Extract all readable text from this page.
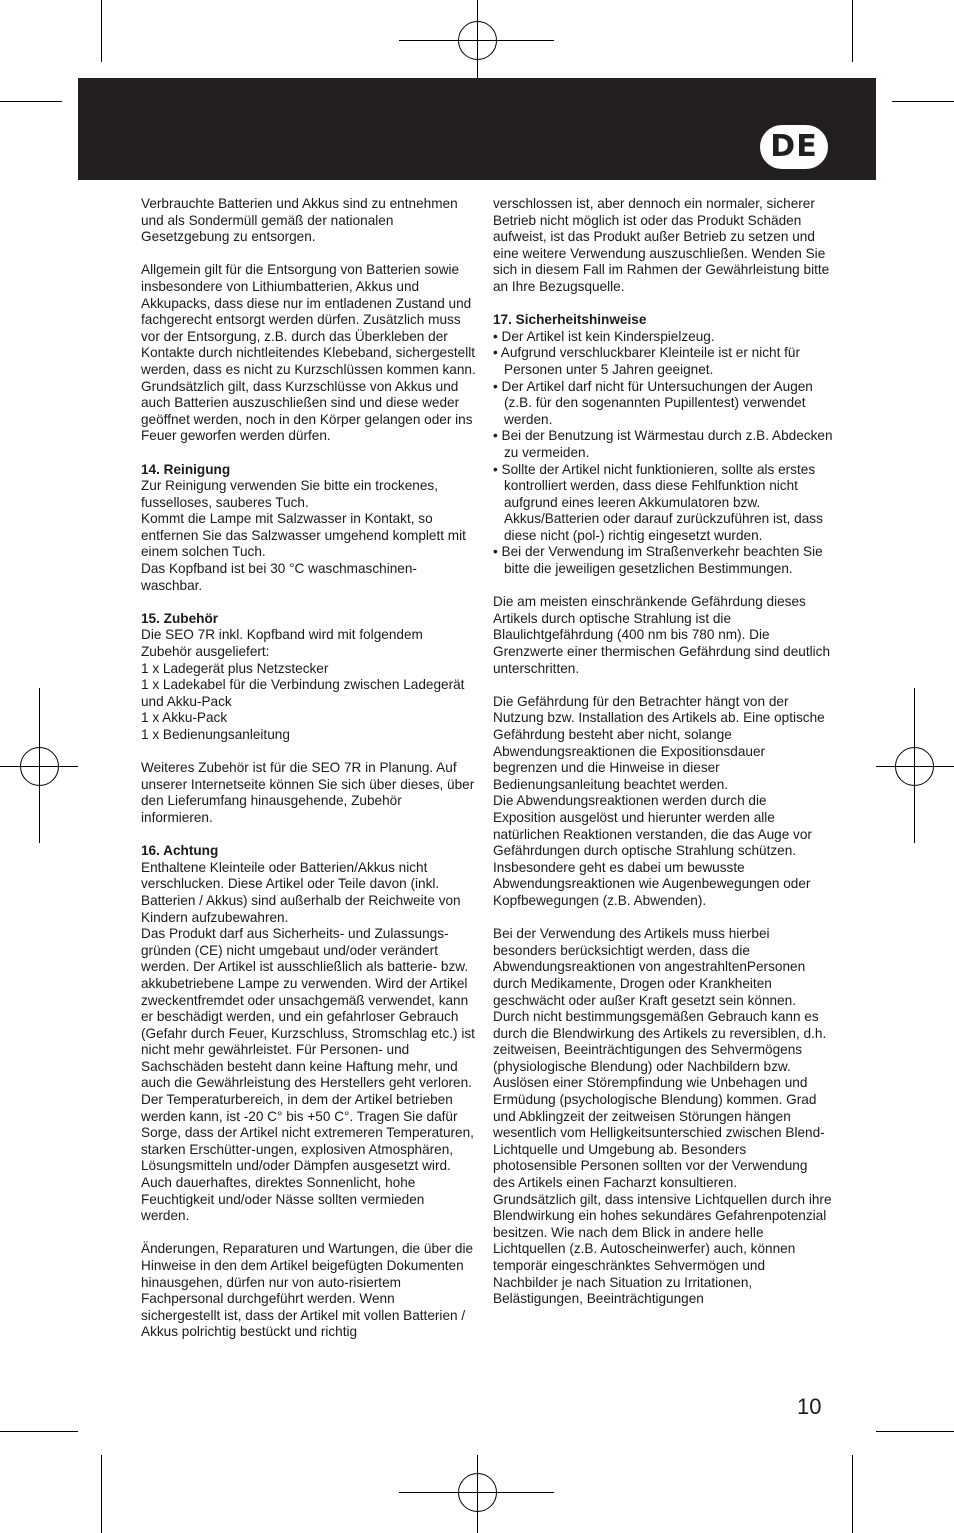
DE

Verbrauchte Batterien und Akkus sind zu entnehmen und als Sondermüll gemäß der nationalen Gesetzgebung zu entsorgen.

Allgemein gilt für die Entsorgung von Batterien sowie insbesondere von Lithiumbatterien, Akkus und Akkupacks, dass diese nur im entladenen Zustand und fachgerecht entsorgt werden dürfen. Zusätzlich muss vor der Entsorgung, z.B. durch das Überkleben der Kontakte durch nichtleitendes Klebeband, sichergestellt werden, dass es nicht zu Kurzschlüssen kommen kann.

Grundsätzlich gilt, dass Kurzschlüsse von Akkus und auch Batterien auszuschließen sind und diese weder geöffnet werden, noch in den Körper gelangen oder ins Feuer geworfen werden dürfen.

14. Reinigung

Zur Reinigung verwenden Sie bitte ein trockenes, fusselloses, sauberes Tuch.

Kommt die Lampe mit Salzwasser in Kontakt, so entfernen Sie das Salzwasser umgehend komplett mit einem solchen Tuch.

Das Kopfband ist bei 30 °C waschmaschinen-waschbar.

15. Zubehör

Die SEO 7R inkl. Kopfband wird mit folgendem Zubehör ausgeliefert:

1 x Ladegerät plus Netzstecker

1 x Ladekabel für die Verbindung zwischen Ladegerät und Akku-Pack

1 x Akku-Pack

1 x Bedienungsanleitung

Weiteres Zubehör ist für die SEO 7R in Planung. Auf unserer Internetseite können Sie sich über dieses, über den Lieferumfang hinausgehende, Zubehör informieren.

16. Achtung

Enthaltene Kleinteile oder Batterien/Akkus nicht verschlucken. Diese Artikel oder Teile davon (inkl. Batterien / Akkus) sind außerhalb der Reichweite von Kindern aufzubewahren.

Das Produkt darf aus Sicherheits- und Zulassungs-gründen (CE) nicht umgebaut und/oder verändert werden. Der Artikel ist ausschließlich als batterie- bzw. akkubetriebene Lampe zu verwenden. Wird der Artikel zweckentfremdet oder unsachgemäß verwendet, kann er beschädigt werden, und ein gefahrloser Gebrauch (Gefahr durch Feuer, Kurzschluss, Stromschlag etc.) ist nicht mehr gewährleistet. Für Personen- und Sachschäden besteht dann keine Haftung mehr, und auch die Gewährleistung des Herstellers geht verloren.

Der Temperaturbereich, in dem der Artikel betrieben werden kann, ist -20 C° bis +50 C°. Tragen Sie dafür Sorge, dass der Artikel nicht extremeren Temperaturen, starken Erschütter-ungen, explosiven Atmosphären, Lösungsmitteln und/oder Dämpfen ausgesetzt wird.

Auch dauerhaftes, direktes Sonnenlicht, hohe Feuchtigkeit und/oder Nässe sollten vermieden werden.

Änderungen, Reparaturen und Wartungen, die über die Hinweise in den dem Artikel beigefügten Dokumenten hinausgehen, dürfen nur von auto-risiertem Fachpersonal durchgeführt werden. Wenn sichergestellt ist, dass der Artikel mit vollen Batterien / Akkus polrichtig bestückt und richtig

verschlossen ist, aber dennoch ein normaler, sicherer Betrieb nicht möglich ist oder das Produkt Schäden aufweist, ist das Produkt außer Betrieb zu setzen und eine weitere Verwendung auszuschließen. Wenden Sie sich in diesem Fall im Rahmen der Gewährleistung bitte an Ihre Bezugsquelle.

17. Sicherheitshinweise
• Der Artikel ist kein Kinderspielzeug.
• Aufgrund verschluckbarer Kleinteile ist er nicht für Personen unter 5 Jahren geeignet.
• Der Artikel darf nicht für Untersuchungen der Augen (z.B. für den sogenannten Pupillentest) verwendet werden.
• Bei der Benutzung ist Wärmestau durch z.B. Abdecken zu vermeiden.
• Sollte der Artikel nicht funktionieren, sollte als erstes kontrolliert werden, dass diese Fehlfunktion nicht aufgrund eines leeren Akkumulatoren bzw. Akkus/Batterien oder darauf zurückzuführen ist, dass diese nicht (pol-) richtig eingesetzt wurden.
• Bei der Verwendung im Straßenverkehr beachten Sie bitte die jeweiligen gesetzlichen Bestimmungen.

Die am meisten einschränkende Gefährdung dieses Artikels durch optische Strahlung ist die Blaulichtgefährdung (400 nm bis 780 nm). Die Grenzwerte einer thermischen Gefährdung sind deutlich unterschritten.

Die Gefährdung für den Betrachter hängt von der Nutzung bzw. Installation des Artikels ab. Eine optische Gefährdung besteht aber nicht, solange Abwendungsreaktionen die Expositionsdauer begrenzen und die Hinweise in dieser Bedienungsanleitung beachtet werden.

Die Abwendungsreaktionen werden durch die Exposition ausgelöst und hierunter werden alle natürlichen Reaktionen verstanden, die das Auge vor Gefährdungen durch optische Strahlung schützen. Insbesondere geht es dabei um bewusste Abwendungsreaktionen wie Augenbewegungen oder Kopfbewegungen (z.B. Abwenden).

Bei der Verwendung des Artikels muss hierbei besonders berücksichtigt werden, dass die Abwendungsreaktionen von angestrahltenPersonen durch Medikamente, Drogen oder Krankheiten geschwächt oder außer Kraft gesetzt sein können.

Durch nicht bestimmungsgemäßen Gebrauch kann es durch die Blendwirkung des Artikels zu reversiblen, d.h. zeitweisen, Beeinträchtigungen des Sehvermögens (physiologische Blendung) oder Nachbildern bzw. Auslösen einer Störempfindung wie Unbehagen und Ermüdung (psychologische Blendung) kommen. Grad und Abklingzeit der zeitweisen Störungen hängen wesentlich vom Helligkeitsunterschied zwischen Blend-Lichtquelle und Umgebung ab. Besonders photosensible Personen sollten vor der Verwendung des Artikels einen Facharzt konsultieren.

Grundsätzlich gilt, dass intensive Lichtquellen durch ihre Blendwirkung ein hohes sekundäres Gefahrenpotenzial besitzen. Wie nach dem Blick in andere helle Lichtquellen (z.B. Autoscheinwerfer) auch, können temporär eingeschränktes Sehvermögen und Nachbilder je nach Situation zu Irritationen, Belästigungen, Beeinträchtigungen

10
